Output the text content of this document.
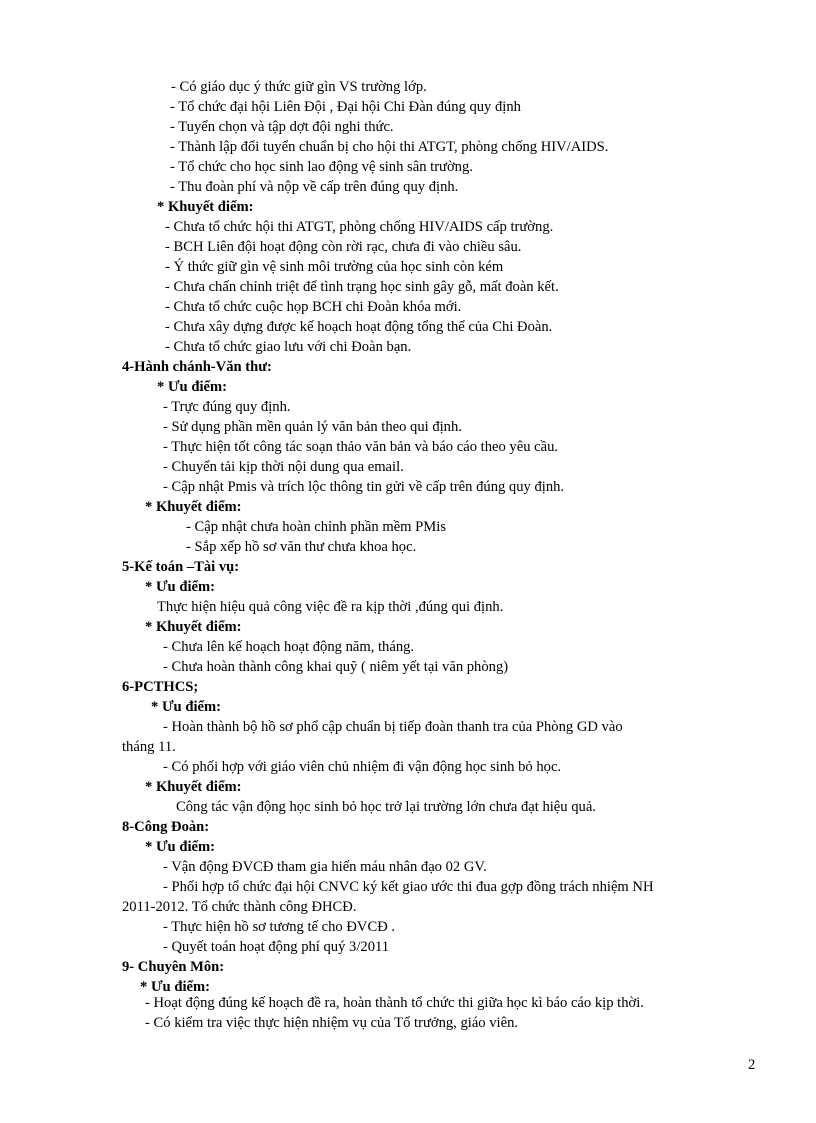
- Có giáo dục ý thức giữ gìn VS trường lớp.
- Tổ chức đại hội Liên Đội , Đại hội Chi Đàn đúng quy định
- Tuyển chọn và tập dợt đội nghi thức.
- Thành lập đổi tuyển chuẩn bị cho hội thi ATGT, phòng chống HIV/AIDS.
- Tổ chức cho học sinh lao động vệ sinh sân trường.
- Thu đoàn phí và nộp về cấp trên đúng quy định.
* Khuyết điểm:
- Chưa tổ chức hội thi ATGT, phòng chống HIV/AIDS cấp trường.
- BCH Liên đội hoạt động còn rời rạc, chưa đi vào chiều sâu.
- Ý thức giữ gìn vệ sinh môi trường của học sinh còn kém
- Chưa chấn chỉnh triệt để tình trạng học sinh gây gỗ, mất đoàn kết.
- Chưa tổ chức cuộc họp BCH chi Đoàn khóa mới.
- Chưa xây dựng được kế hoạch hoạt động tổng thể của Chi Đoàn.
- Chưa tổ chức giao lưu với chi Đoàn bạn.
4-Hành chánh-Văn thư:
* Ưu điểm:
- Trực đúng quy định.
- Sử dụng phần mền quản lý văn bản theo qui định.
- Thực hiện tốt công tác soạn thảo văn bản và báo cáo theo yêu cầu.
- Chuyển tải kịp thời nội dung qua email.
- Cập nhật Pmis và trích lộc thông tin gửi về cấp trên đúng quy định.
* Khuyết điểm:
- Cập nhật chưa hoàn chỉnh phần mềm PMis
- Sắp xếp hồ sơ văn thư chưa khoa học.
5-Kế toán –Tài vụ:
* Ưu điểm:
Thực hiện hiệu quả công việc đề ra kịp thời ,đúng qui định.
* Khuyết điểm:
- Chưa lên kế hoạch hoạt động năm, tháng.
- Chưa hoàn thành công khai quỹ ( niêm yết tại văn phòng)
6-PCTHCS;
* Ưu điểm:
- Hoàn thành bộ hồ sơ phổ cập chuẩn bị tiếp đoàn thanh tra của Phòng GD vào
tháng 11.
- Có phối hợp với giáo viên chủ nhiệm đi vận động học sinh bỏ học.
* Khuyết điểm:
Công tác vận động học sinh bỏ học trở lại trường lớn chưa đạt hiệu quả.
8-Công Đoàn:
* Ưu điểm:
- Vận động ĐVCĐ tham gia hiến máu nhân đạo 02 GV.
- Phối hợp tổ chức đại hội CNVC ký kết giao ước thi đua gợp đồng trách nhiệm NH
2011-2012. Tổ chức thành công ĐHCĐ.
- Thực hiện hồ sơ tương tế cho ĐVCĐ .
- Quyết toán hoạt động phí quý 3/2011
9- Chuyên Môn:
* Ưu điểm:
- Hoạt động đúng kế hoạch đề ra, hoàn thành tổ chức thi giữa học kì báo cáo kịp thời.
- Có kiểm tra việc thực hiện nhiệm vụ của Tổ trưởng, giáo viên.
2
